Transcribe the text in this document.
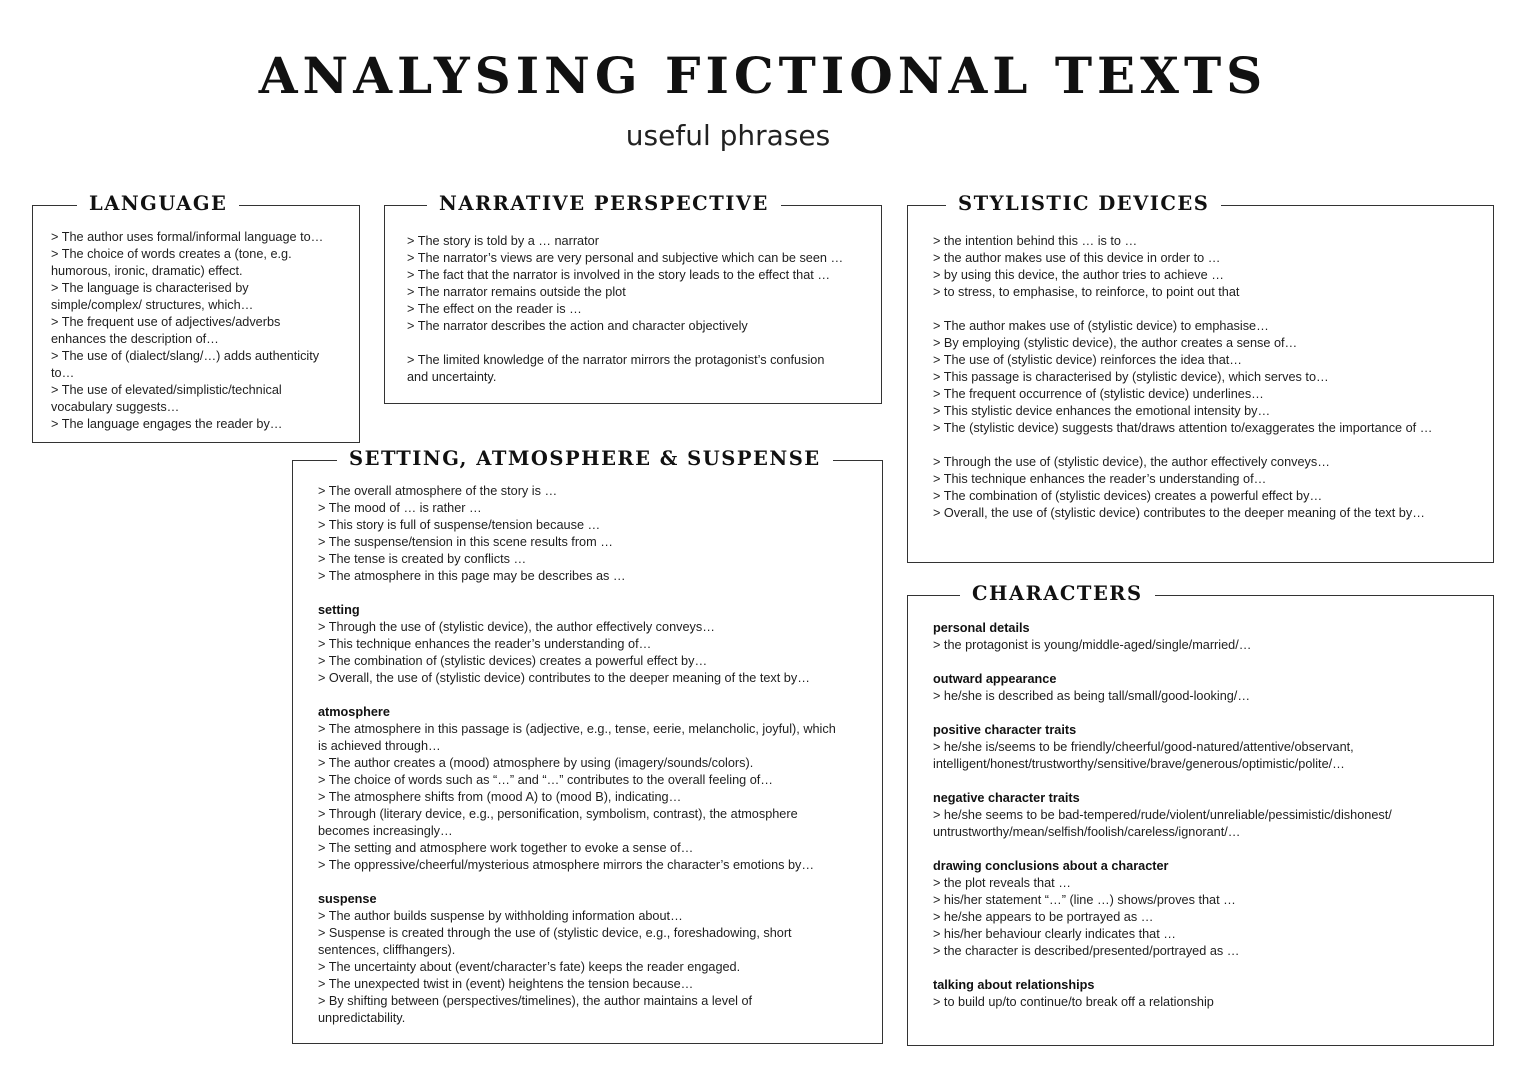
ANALYSING FICTIONAL TEXTS
useful phrases
LANGUAGE
> The author uses formal/informal language to…
> The choice of words creates a (tone, e.g.
humorous, ironic, dramatic) effect.
> The language is characterised by
simple/complex/ structures, which…
> The frequent use of adjectives/adverbs
enhances the description of…
> The use of (dialect/slang/…) adds authenticity
to…
> The use of elevated/simplistic/technical
vocabulary suggests…
> The language engages the reader by…
NARRATIVE PERSPECTIVE
> The story is told by a … narrator
> The narrator’s views are very personal and subjective which can be seen …
> The fact that the narrator is involved in the story leads to the effect that …
> The narrator remains outside the plot
> The effect on the reader is …
> The narrator describes the action and character objectively
> The limited knowledge of the narrator mirrors the protagonist’s confusion
and uncertainty.
STYLISTIC DEVICES
> the intention behind this … is to …
> the author makes use of this device in order to …
> by using this device, the author tries to achieve …
> to stress, to emphasise, to reinforce, to point out that
> The author makes use of (stylistic device) to emphasise…
> By employing (stylistic device), the author creates a sense of…
> The use of (stylistic device) reinforces the idea that…
> This passage is characterised by (stylistic device), which serves to…
> The frequent occurrence of (stylistic device) underlines…
> This stylistic device enhances the emotional intensity by…
> The (stylistic device) suggests that/draws attention to/exaggerates the importance of …
> Through the use of (stylistic device), the author effectively conveys…
> This technique enhances the reader’s understanding of…
> The combination of (stylistic devices) creates a powerful effect by…
> Overall, the use of (stylistic device) contributes to the deeper meaning of the text by…
SETTING, ATMOSPHERE & SUSPENSE
> The overall atmosphere of the story is …
> The mood of … is rather …
> This story is full of suspense/tension because …
> The suspense/tension in this scene results from …
> The tense is created by conflicts …
> The atmosphere in this page may be describes as …
setting
> Through the use of (stylistic device), the author effectively conveys…
> This technique enhances the reader’s understanding of…
> The combination of (stylistic devices) creates a powerful effect by…
> Overall, the use of (stylistic device) contributes to the deeper meaning of the text by…
atmosphere
> The atmosphere in this passage is (adjective, e.g., tense, eerie, melancholic, joyful), which
is achieved through…
> The author creates a (mood) atmosphere by using (imagery/sounds/colors).
> The choice of words such as “…” and “…” contributes to the overall feeling of…
> The atmosphere shifts from (mood A) to (mood B), indicating…
> Through (literary device, e.g., personification, symbolism, contrast), the atmosphere
becomes increasingly…
> The setting and atmosphere work together to evoke a sense of…
> The oppressive/cheerful/mysterious atmosphere mirrors the character’s emotions by…
suspense
> The author builds suspense by withholding information about…
> Suspense is created through the use of (stylistic device, e.g., foreshadowing, short
sentences, cliffhangers).
> The uncertainty about (event/character’s fate) keeps the reader engaged.
> The unexpected twist in (event) heightens the tension because…
> By shifting between (perspectives/timelines), the author maintains a level of
unpredictability.
CHARACTERS
personal details
> the protagonist is young/middle-aged/single/married/…
outward appearance
> he/she is described as being tall/small/good-looking/…
positive character traits
> he/she is/seems to be friendly/cheerful/good-natured/attentive/observant,
intelligent/honest/trustworthy/sensitive/brave/generous/optimistic/polite/…
negative character traits
> he/she seems to be bad-tempered/rude/violent/unreliable/pessimistic/dishonest/
untrustworthy/mean/selfish/foolish/careless/ignorant/…
drawing conclusions about a character
> the plot reveals that …
> his/her statement “…” (line …) shows/proves that …
> he/she appears to be portrayed as …
> his/her behaviour clearly indicates that …
> the character is described/presented/portrayed as …
talking about relationships
> to build up/to continue/to break off a relationship
